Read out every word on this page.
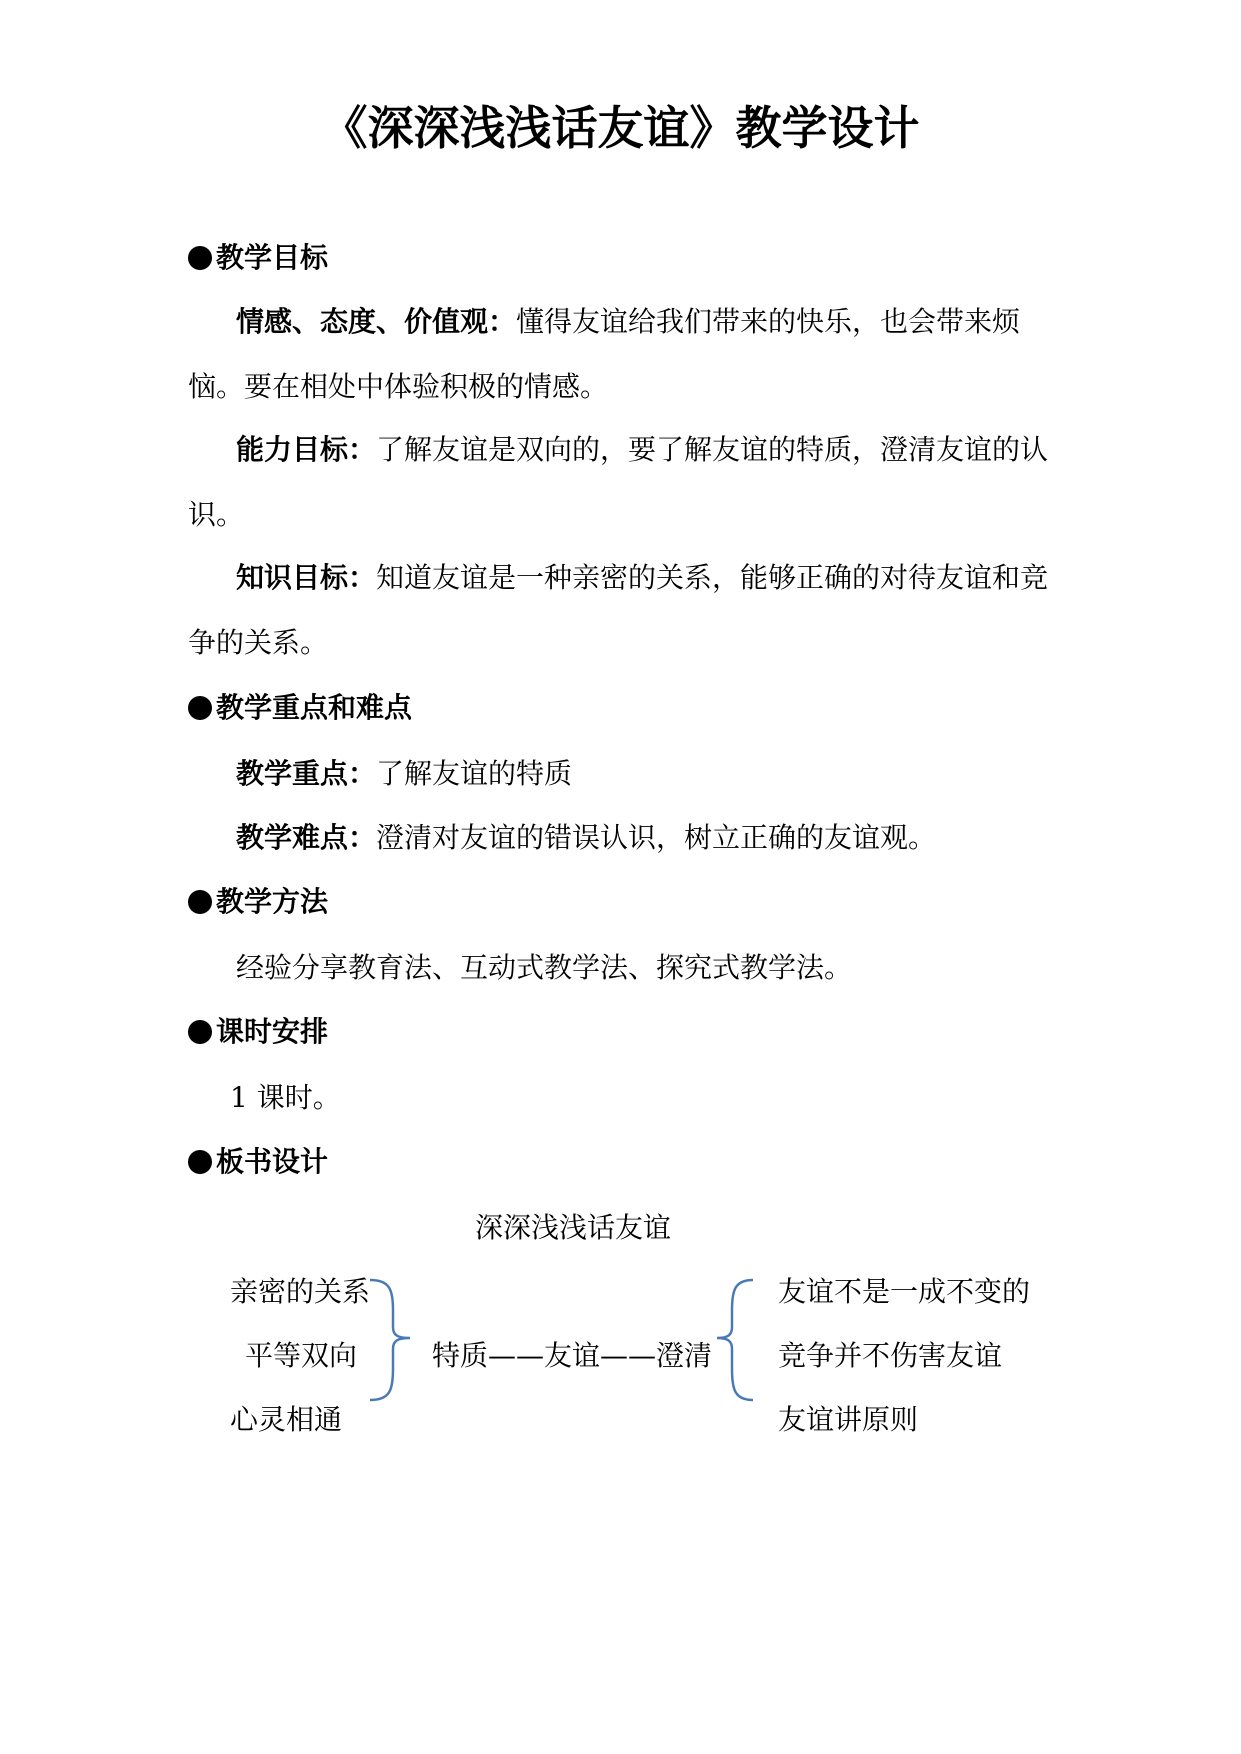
《深深浅浅话友谊》教学设计
教学目标
情感、态度、价值观：懂得友谊给我们带来的快乐，也会带来烦恼。要在相处中体验积极的情感。
能力目标：了解友谊是双向的，要了解友谊的特质，澄清友谊的认识。
知识目标：知道友谊是一种亲密的关系，能够正确的对待友谊和竞争的关系。
教学重点和难点
教学重点：了解友谊的特质
教学难点：澄清对友谊的错误认识，树立正确的友谊观。
教学方法
经验分享教育法、互动式教学法、探究式教学法。
课时安排
1 课时。
板书设计
深深浅浅话友谊
亲密的关系
平等双向
心灵相通
特质——友谊——澄清
友谊不是一成不变的
竞争并不伤害友谊
友谊讲原则
